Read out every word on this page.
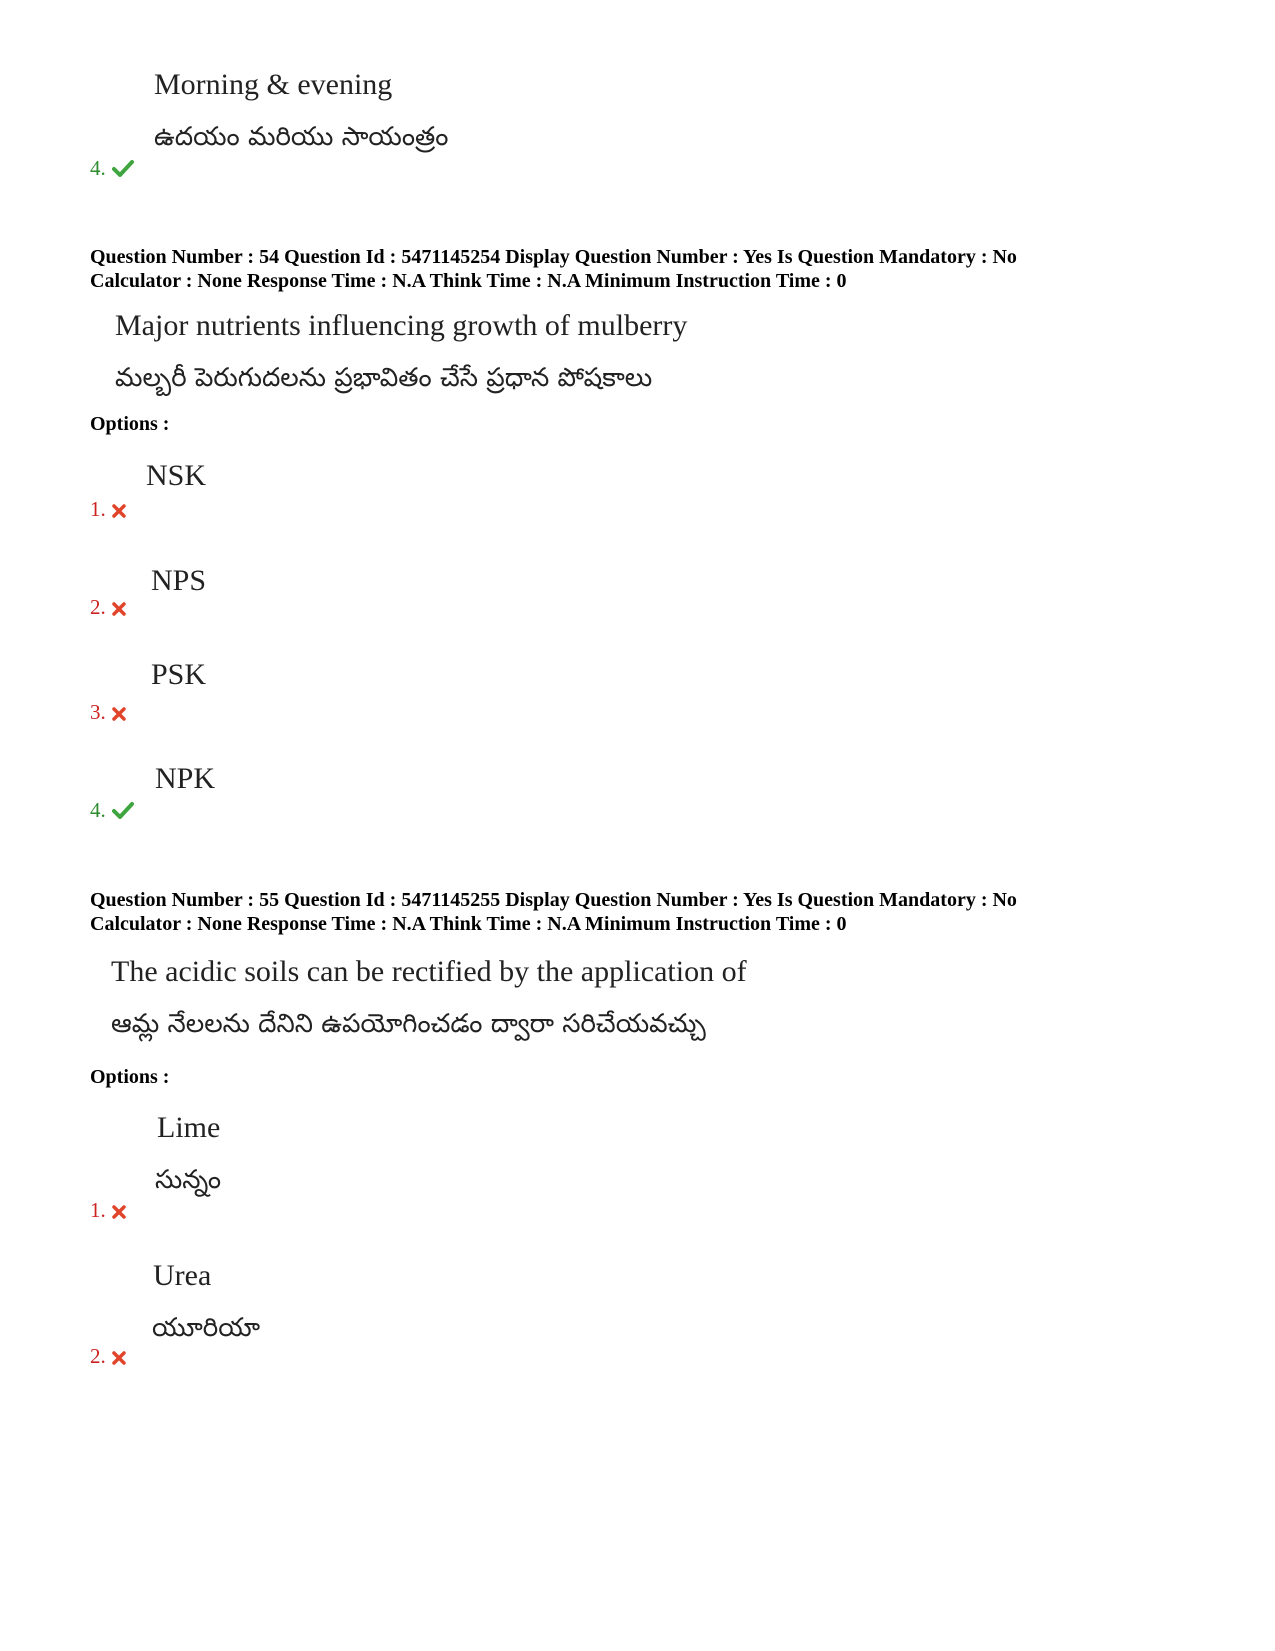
Morning & evening
ఉదయం మరియు సాయంత్రం
4.
Question Number : 54 Question Id : 5471145254 Display Question Number : Yes Is Question Mandatory : No
Calculator : None Response Time : N.A Think Time : N.A Minimum Instruction Time : 0
Major nutrients influencing growth of mulberry
మల్బరీ పెరుగుదలను ప్రభావితం చేసే ప్రధాన పోషకాలు
Options :
NSK
1.
NPS
2.
PSK
3.
NPK
4.
Question Number : 55 Question Id : 5471145255 Display Question Number : Yes Is Question Mandatory : No
Calculator : None Response Time : N.A Think Time : N.A Minimum Instruction Time : 0
The acidic soils can be rectified by the application of
ఆమ్ల నేలలను దేనిని ఉపయోగించడం ద్వారా సరిచేయవచ్చు
Options :
Lime
సున్నం
1.
Urea
యూరియా
2.
